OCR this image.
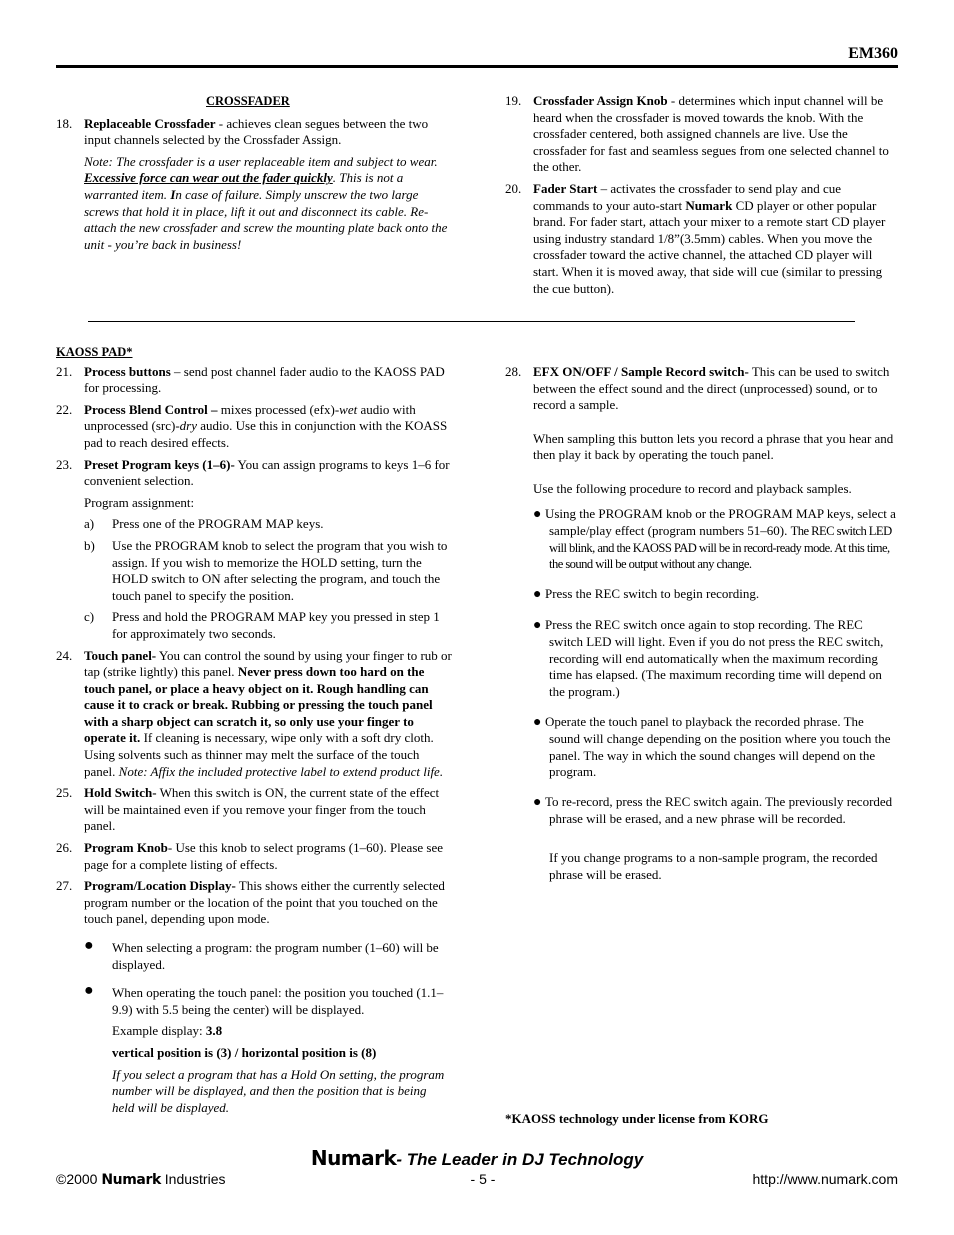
EM360
CROSSFADER
18. Replaceable Crossfader - achieves clean segues between the two input channels selected by the Crossfader Assign.
Note: The crossfader is a user replaceable item and subject to wear. Excessive force can wear out the fader quickly. This is not a warranted item. In case of failure. Simply unscrew the two large screws that hold it in place, lift it out and disconnect its cable. Re-attach the new crossfader and screw the mounting plate back onto the unit - you’re back in business!
19. Crossfader Assign Knob - determines which input channel will be heard when the crossfader is moved towards the knob. With the crossfader centered, both assigned channels are live. Use the crossfader for fast and seamless segues from one selected channel to the other.
20. Fader Start – activates the crossfader to send play and cue commands to your auto-start Numark CD player or other popular brand. For fader start, attach your mixer to a remote start CD player using industry standard 1/8”(3.5mm) cables. When you move the crossfader toward the active channel, the attached CD player will start. When it is moved away, that side will cue (similar to pressing the cue button).
KAOSS PAD*
21. Process buttons – send post channel fader audio to the KAOSS PAD for processing.
22. Process Blend Control – mixes processed (efx)-wet audio with unprocessed (src)-dry audio. Use this in conjunction with the KOASS pad to reach desired effects.
23. Preset Program keys (1–6)- You can assign programs to keys 1–6 for convenient selection.
Program assignment:
a) Press one of the PROGRAM MAP keys.
b) Use the PROGRAM knob to select the program that you wish to assign. If you wish to memorize the HOLD setting, turn the HOLD switch to ON after selecting the program, and touch the touch panel to specify the position.
c) Press and hold the PROGRAM MAP key you pressed in step 1 for approximately two seconds.
24. Touch panel- You can control the sound by using your finger to rub or tap (strike lightly) this panel. Never press down too hard on the touch panel, or place a heavy object on it. Rough handling can cause it to crack or break. Rubbing or pressing the touch panel with a sharp object can scratch it, so only use your finger to operate it. If cleaning is necessary, wipe only with a soft dry cloth. Using solvents such as thinner may melt the surface of the touch panel. Note: Affix the included protective label to extend product life.
25. Hold Switch- When this switch is ON, the current state of the effect will be maintained even if you remove your finger from the touch panel.
26. Program Knob- Use this knob to select programs (1–60). Please see page for a complete listing of effects.
27. Program/Location Display- This shows either the currently selected program number or the location of the point that you touched on the touch panel, depending upon mode.
● When selecting a program: the program number (1–60) will be displayed.
● When operating the touch panel: the position you touched (1.1–9.9) with 5.5 being the center) will be displayed.
Example display: 3.8
vertical position is (3) / horizontal position is (8)
If you select a program that has a Hold On setting, the program number will be displayed, and then the position that is being held will be displayed.
28. EFX ON/OFF / Sample Record switch- This can be used to switch between the effect sound and the direct (unprocessed) sound, or to record a sample.
When sampling this button lets you record a phrase that you hear and then play it back by operating the touch panel.
Use the following procedure to record and playback samples.
● Using the PROGRAM knob or the PROGRAM MAP keys, select a sample/play effect (program numbers 51–60). The REC switch LED will blink, and the KAOSS PAD will be in record-ready mode. At this time, the sound will be output without any change.
● Press the REC switch to begin recording.
● Press the REC switch once again to stop recording. The REC switch LED will light. Even if you do not press the REC switch, recording will end automatically when the maximum recording time has elapsed. (The maximum recording time will depend on the program.)
● Operate the touch panel to playback the recorded phrase. The sound will change depending on the position where you touch the panel. The way in which the sound changes will depend on the program.
● To re-record, press the REC switch again. The previously recorded phrase will be erased, and a new phrase will be recorded.
If you change programs to a non-sample program, the recorded phrase will be erased.
*KAOSS technology under license from KORG
Numark- The Leader in DJ Technology
©2000 Numark Industries	- 5 -	http://www.numark.com
